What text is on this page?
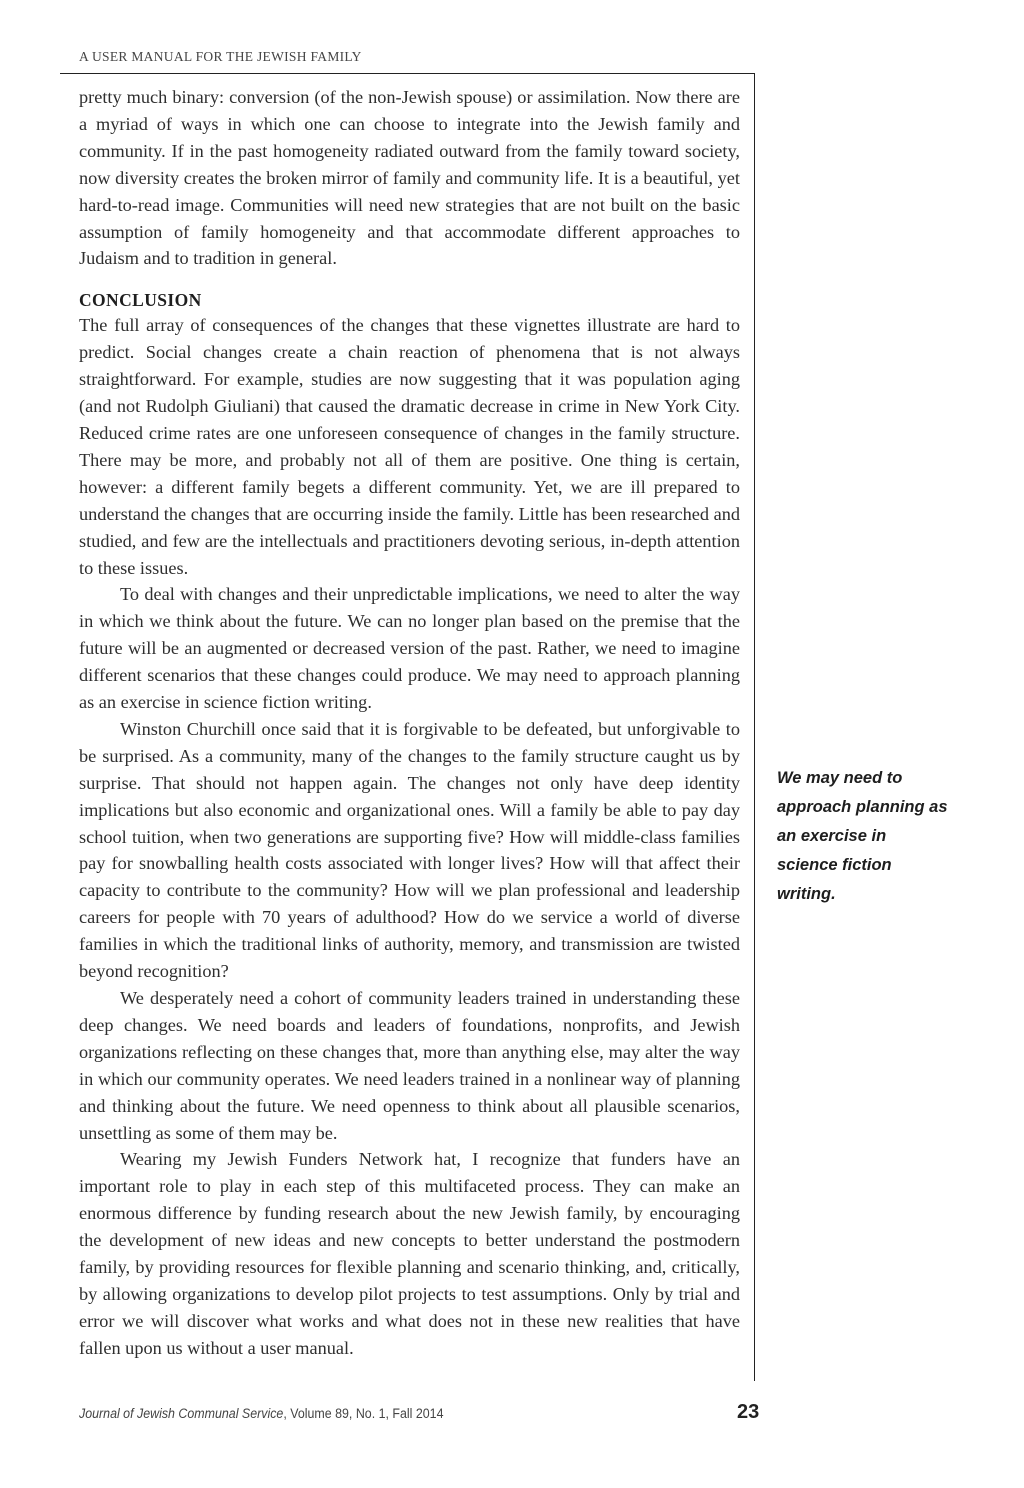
A USER MANUAL FOR THE JEWISH FAMILY

pretty much binary: conversion (of the non-Jewish spouse) or assimilation. Now there are a myriad of ways in which one can choose to integrate into the Jewish family and community. If in the past homogeneity radiated outward from the family toward society, now diversity creates the broken mirror of family and community life. It is a beautiful, yet hard-to-read image. Communities will need new strategies that are not built on the basic assumption of family homogeneity and that accommodate different approaches to Judaism and to tradition in general.

CONCLUSION

The full array of consequences of the changes that these vignettes illustrate are hard to predict. Social changes create a chain reaction of phenomena that is not always straightforward. For example, studies are now suggesting that it was population aging (and not Rudolph Giuliani) that caused the dramatic decrease in crime in New York City. Reduced crime rates are one unforeseen consequence of changes in the family structure. There may be more, and probably not all of them are positive. One thing is certain, however: a different family begets a different community. Yet, we are ill prepared to understand the changes that are occurring inside the family. Little has been researched and studied, and few are the intellectuals and practitioners devoting serious, in-depth attention to these issues.

To deal with changes and their unpredictable implications, we need to alter the way in which we think about the future. We can no longer plan based on the premise that the future will be an augmented or decreased version of the past. Rather, we need to imagine different scenarios that these changes could produce. We may need to approach planning as an exercise in science fiction writing.

Winston Churchill once said that it is forgivable to be defeated, but unforgivable to be surprised. As a community, many of the changes to the family structure caught us by surprise. That should not happen again. The changes not only have deep identity implications but also economic and organizational ones. Will a family be able to pay day school tuition, when two generations are supporting five? How will middle-class families pay for snowballing health costs associated with longer lives? How will that affect their capacity to contribute to the community? How will we plan professional and leadership careers for people with 70 years of adulthood? How do we service a world of diverse families in which the traditional links of authority, memory, and transmission are twisted beyond recognition?

We desperately need a cohort of community leaders trained in understanding these deep changes. We need boards and leaders of foundations, nonprofits, and Jewish organizations reflecting on these changes that, more than anything else, may alter the way in which our community operates. We need leaders trained in a nonlinear way of planning and thinking about the future. We need openness to think about all plausible scenarios, unsettling as some of them may be.

Wearing my Jewish Funders Network hat, I recognize that funders have an important role to play in each step of this multifaceted process. They can make an enormous difference by funding research about the new Jewish family, by encouraging the development of new ideas and new concepts to better understand the postmodern family, by providing resources for flexible planning and scenario thinking, and, critically, by allowing organizations to develop pilot projects to test assumptions. Only by trial and error we will discover what works and what does not in these new realities that have fallen upon us without a user manual.

We may need to
approach planning as
an exercise in
science fiction
writing.
Journal of Jewish Communal Service, Volume 89, No. 1, Fall 2014	23
